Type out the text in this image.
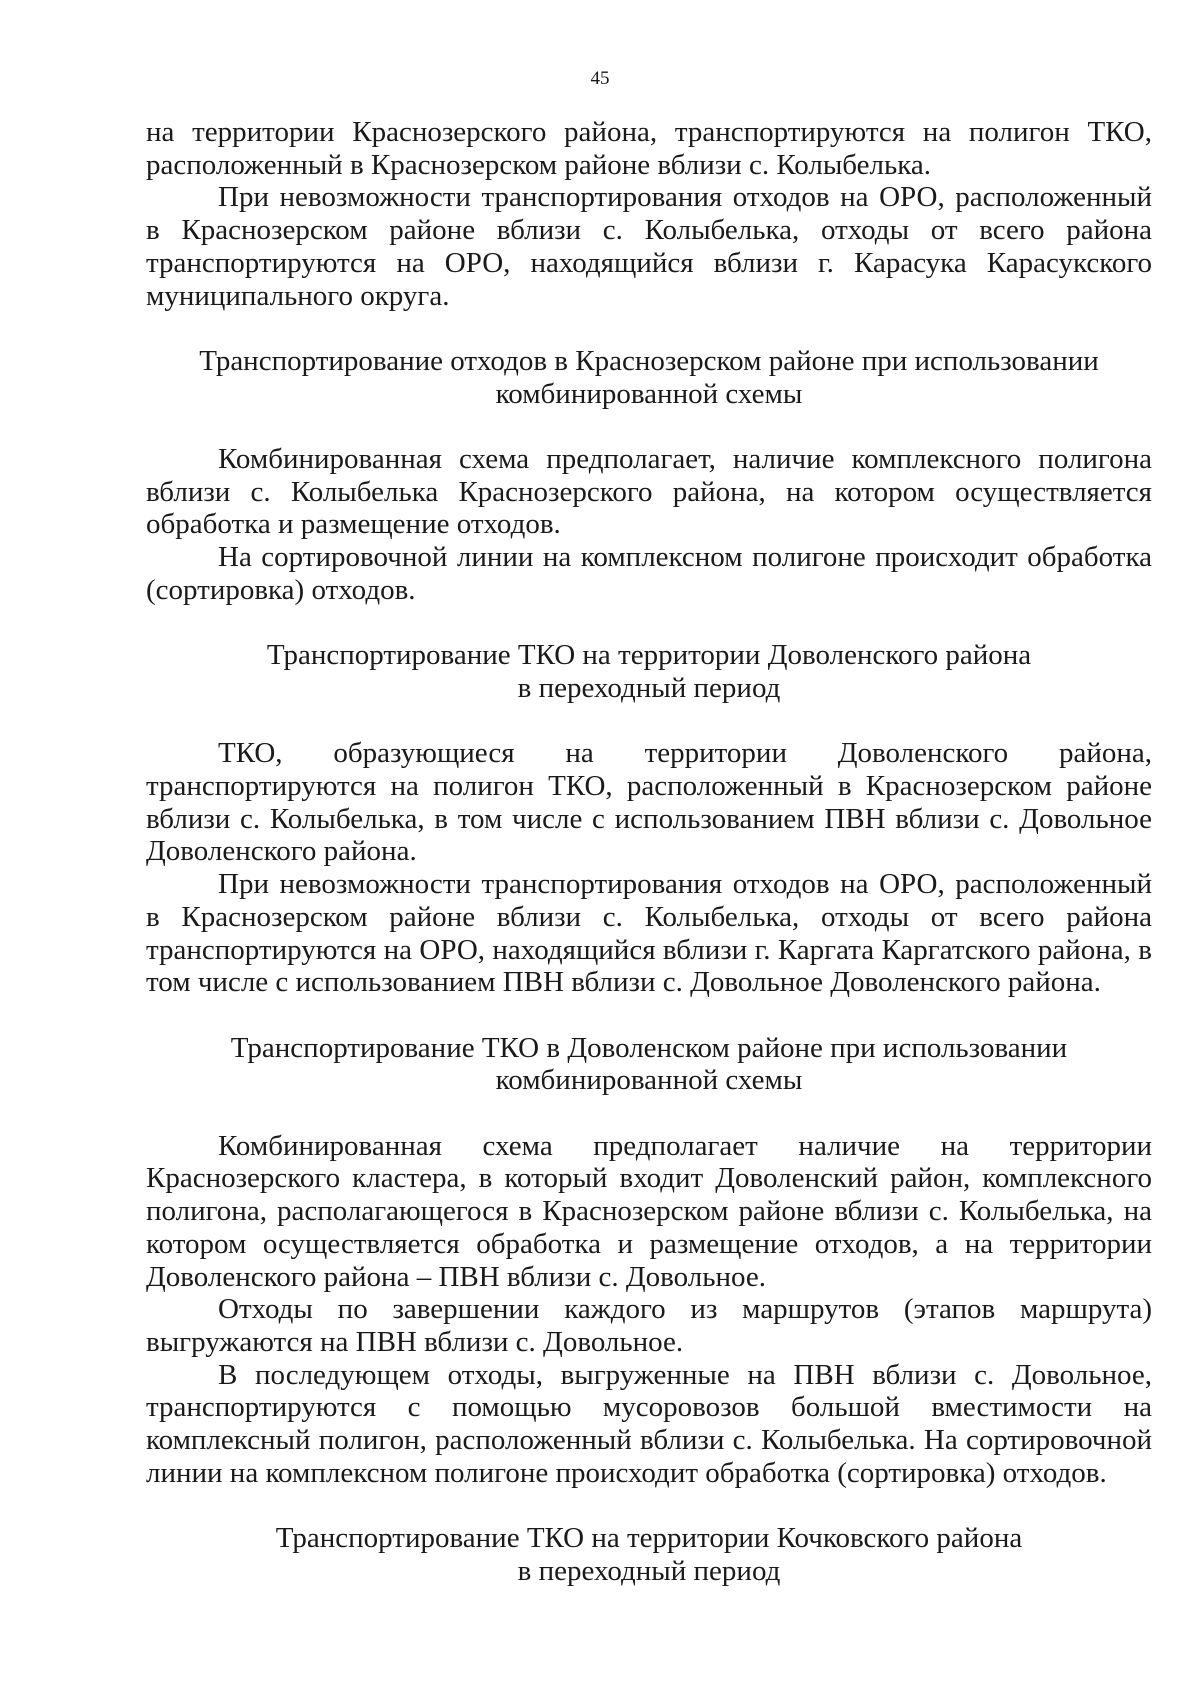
45

на территории Краснозерского района, транспортируются на полигон ТКО, расположенный в Краснозерском районе вблизи с. Колыбелька.

При невозможности транспортирования отходов на ОРО, расположенный в Краснозерском районе вблизи с. Колыбелька, отходы от всего района транспортируются на ОРО, находящийся вблизи г. Карасука Карасукского муниципального округа.

Транспортирование отходов в Краснозерском районе при использовании
комбинированной схемы

Комбинированная схема предполагает, наличие комплексного полигона вблизи с. Колыбелька Краснозерского района, на котором осуществляется обработка и размещение отходов.

На сортировочной линии на комплексном полигоне происходит обработка (сортировка) отходов.

Транспортирование ТКО на территории Доволенского района
в переходный период

ТКО, образующиеся на территории Доволенского района, транспортируются на полигон ТКО, расположенный в Краснозерском районе вблизи с. Колыбелька, в том числе с использованием ПВН вблизи с. Довольное Доволенского района.

При невозможности транспортирования отходов на ОРО, расположенный в Краснозерском районе вблизи с. Колыбелька, отходы от всего района транспортируются на ОРО, находящийся вблизи г. Каргата Каргатского района, в том числе с использованием ПВН вблизи с. Довольное Доволенского района.

Транспортирование ТКО в Доволенском районе при использовании
комбинированной схемы

Комбинированная схема предполагает наличие на территории Краснозерского кластера, в который входит Доволенский район, комплексного полигона, располагающегося в Краснозерском районе вблизи с. Колыбелька, на котором осуществляется обработка и размещение отходов, а на территории Доволенского района – ПВН вблизи с. Довольное.

Отходы по завершении каждого из маршрутов (этапов маршрута) выгружаются на ПВН вблизи с. Довольное.

В последующем отходы, выгруженные на ПВН вблизи с. Довольное, транспортируются с помощью мусоровозов большой вместимости на комплексный полигон, расположенный вблизи с. Колыбелька. На сортировочной линии на комплексном полигоне происходит обработка (сортировка) отходов.

Транспортирование ТКО на территории Кочковского района
в переходный период
